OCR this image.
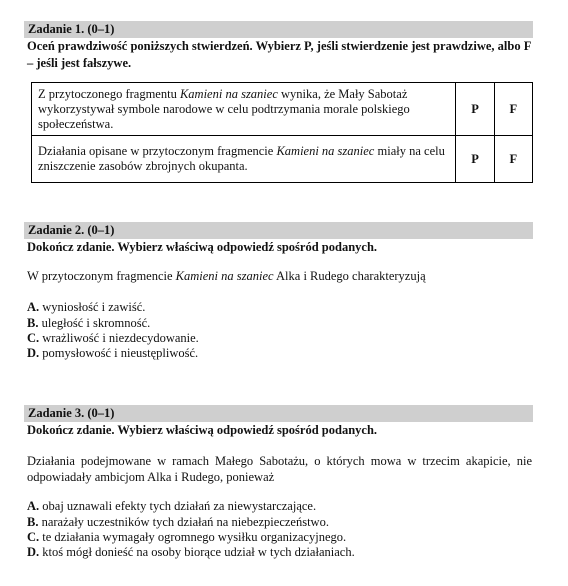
Zadanie 1. (0–1)
Oceń prawdziwość poniższych stwierdzeń. Wybierz P, jeśli stwierdzenie jest prawdziwe, albo F – jeśli jest fałszywe.
Z przytoczonego fragmentu Kamieni na szaniec wynika, że Mały Sabotaż wykorzystywał symbole narodowe w celu podtrzymania morale polskiego społeczeństwa.	P	F
Działania opisane w przytoczonym fragmencie Kamieni na szaniec miały na celu zniszczenie zasobów zbrojnych okupanta.	P	F
Zadanie 2. (0–1)
Dokończ zdanie. Wybierz właściwą odpowiedź spośród podanych.
W przytoczonym fragmencie Kamieni na szaniec Alka i Rudego charakteryzują
A. wyniosłość i zawiść.
B. uległość i skromność.
C. wrażliwość i niezdecydowanie.
D. pomysłowość i nieustępliwość.
Zadanie 3. (0–1)
Dokończ zdanie. Wybierz właściwą odpowiedź spośród podanych.
Działania podejmowane w ramach Małego Sabotażu, o których mowa w trzecim akapicie, nie odpowiadały ambicjom Alka i Rudego, ponieważ
A. obaj uznawali efekty tych działań za niewystarczające.
B. narażały uczestników tych działań na niebezpieczeństwo.
C. te działania wymagały ogromnego wysiłku organizacyjnego.
D. ktoś mógł donieść na osoby biorące udział w tych działaniach.
